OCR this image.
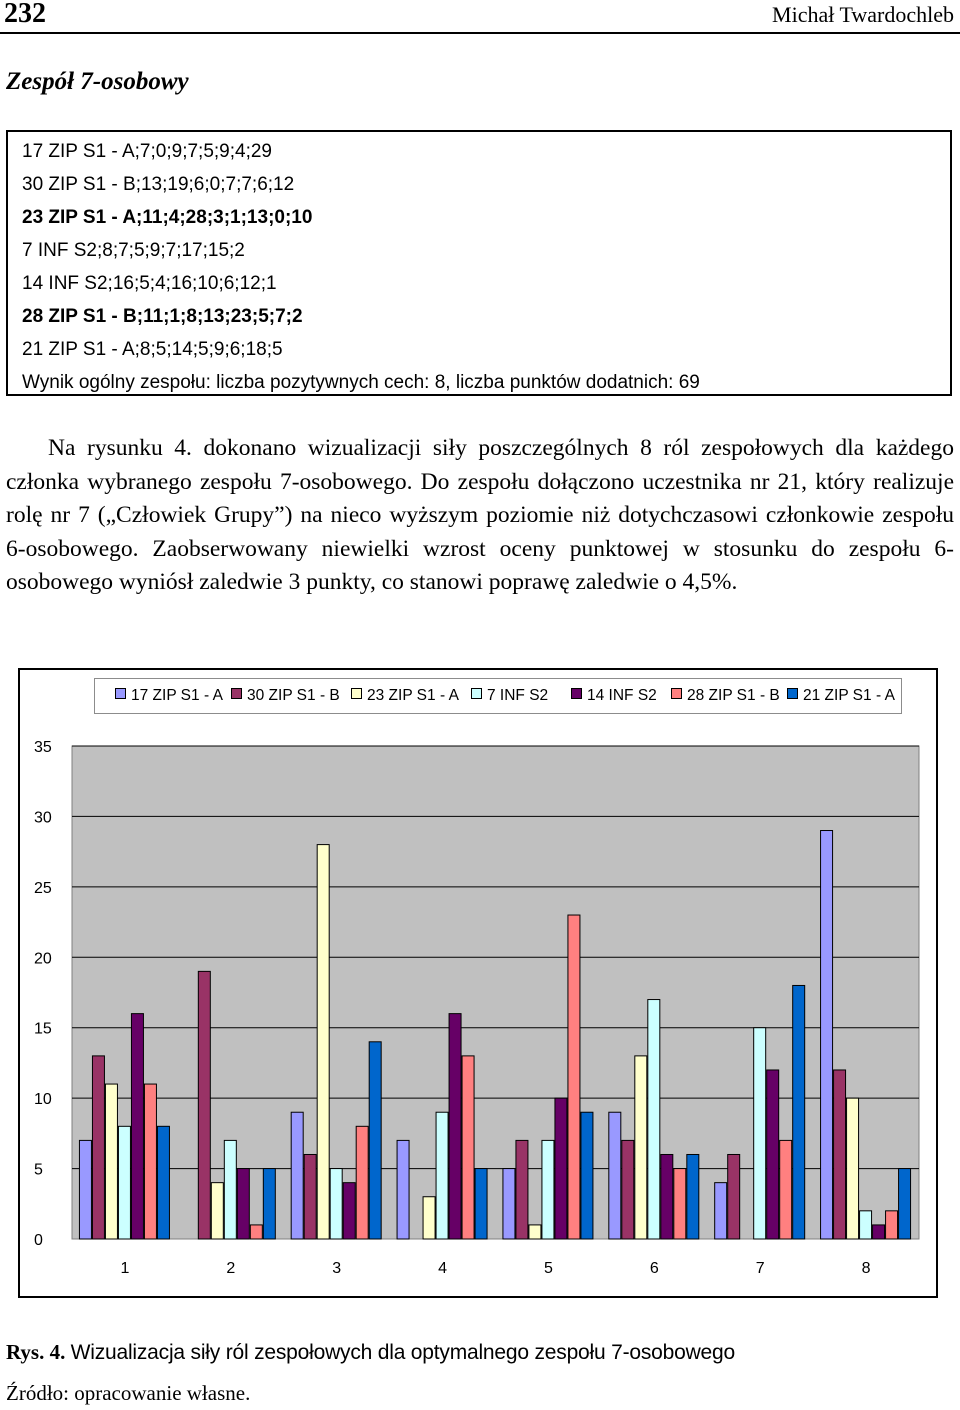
232	Michał Twardochleb
Zespół 7-osobowy
17 ZIP S1 - A;7;0;9;7;5;9;4;29
30 ZIP S1 - B;13;19;6;0;7;7;6;12
23 ZIP S1 - A;11;4;28;3;1;13;0;10
7 INF S2;8;7;5;9;7;17;15;2
14 INF S2;16;5;4;16;10;6;12;1
28 ZIP S1 - B;11;1;8;13;23;5;7;2
21 ZIP S1 - A;8;5;14;5;9;6;18;5
Wynik ogólny zespołu: liczba pozytywnych cech: 8, liczba punktów dodatnich: 69
Na rysunku 4. dokonano wizualizacji siły poszczególnych 8 ról zespołowych dla każdego członka wybranego zespołu 7-osobowego. Do zespołu dołączono uczestnika nr 21, który realizuje rolę nr 7 („Człowiek Grupy”) na nieco wyższym poziomie niż dotychczasowi członkowie zespołu 6-osobowego. Zaobserwowany niewielki wzrost oceny punktowej w stosunku do zespołu 6-osobowego wyniósł zaledwie 3 punkty, co stanowi poprawę zaledwie o 4,5%.
0
5
10
15
20
25
30
35
1	2	3	4	5	6	7	8
17 ZIP S1 - A	30 ZIP S1 - B	23 ZIP S1 - A	7 INF S2	14 INF S2	28 ZIP S1 - B	21 ZIP S1 - A
Rys. 4. Wizualizacja siły ról zespołowych dla optymalnego zespołu 7-osobowego
Źródło: opracowanie własne.
